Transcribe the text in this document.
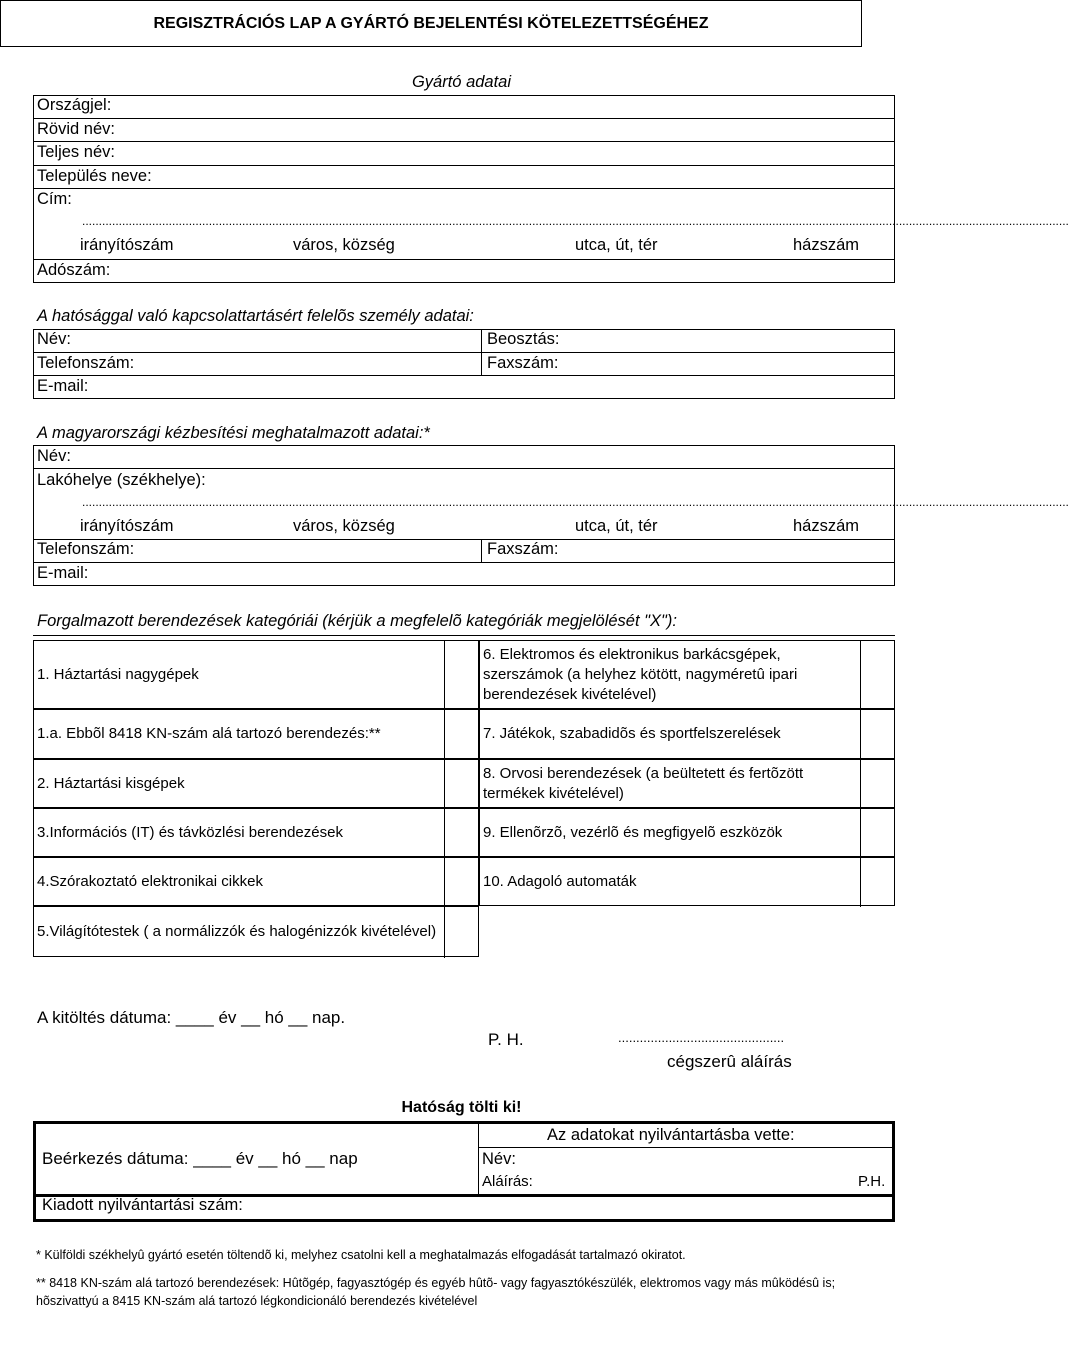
REGISZTRÁCIÓS LAP A GYÁRTÓ BEJELENTÉSI KÖTELEZETTSÉGÉHEZ
Gyártó adatai
Országjel:
Rövid név:
Teljes név:
Település neve:
Cím:
........................................................................................................................................................................................................................................................................................................
irányítószám	város, község	utca, út, tér	házszám
Adószám:
A hatósággal való kapcsolattartásért felelõs személy adatai:
Név:	Beosztás:
Telefonszám:	Faxszám:
E-mail:
A magyarországi kézbesítési meghatalmazott adatai:*
Név:
Lakóhelye (székhelye):
........................................................................................................................................................................................................................................................................................................
irányítószám	város, község	utca, út, tér	házszám
Telefonszám:	Faxszám:
E-mail:
Forgalmazott berendezések kategóriái (kérjük a megfelelõ kategóriák megjelölését "X"):
1. Háztartási nagygépek
1.a. Ebbõl 8418 KN-szám alá tartozó berendezés:**
2. Háztartási kisgépek
3.Információs (IT) és távközlési berendezések
4.Szórakoztató elektronikai cikkek
5.Világítótestek ( a normálizzók és halogénizzók kivételével)
6. Elektromos és elektronikus barkácsgépek, szerszámok (a helyhez kötött, nagyméretû ipari berendezések kivételével)
7. Játékok, szabadidõs és sportfelszerelések
8. Orvosi berendezések (a beültetett és fertõzött termékek kivételével)
9. Ellenõrzõ, vezérlõ és megfigyelõ eszközök
10. Adagoló automaták
A kitöltés dátuma: ____ év __ hó __ nap.
P. H.	..............................................
cégszerû aláírás
Hatóság tölti ki!
Beérkezés dátuma: ____ év __ hó __ nap
Az adatokat nyilvántartásba vette:
Név:
Aláírás:	P.H.
Kiadott nyilvántartási szám:
* Külföldi székhelyû gyártó esetén töltendõ ki, melyhez csatolni kell a meghatalmazás elfogadását tartalmazó okiratot.
** 8418 KN-szám alá tartozó berendezések: Hûtõgép, fagyasztógép és egyéb hûtõ- vagy fagyasztókészülék, elektromos vagy más mûködésû is; hõszivattyú a 8415 KN-szám alá tartozó légkondicionáló berendezés kivételével
